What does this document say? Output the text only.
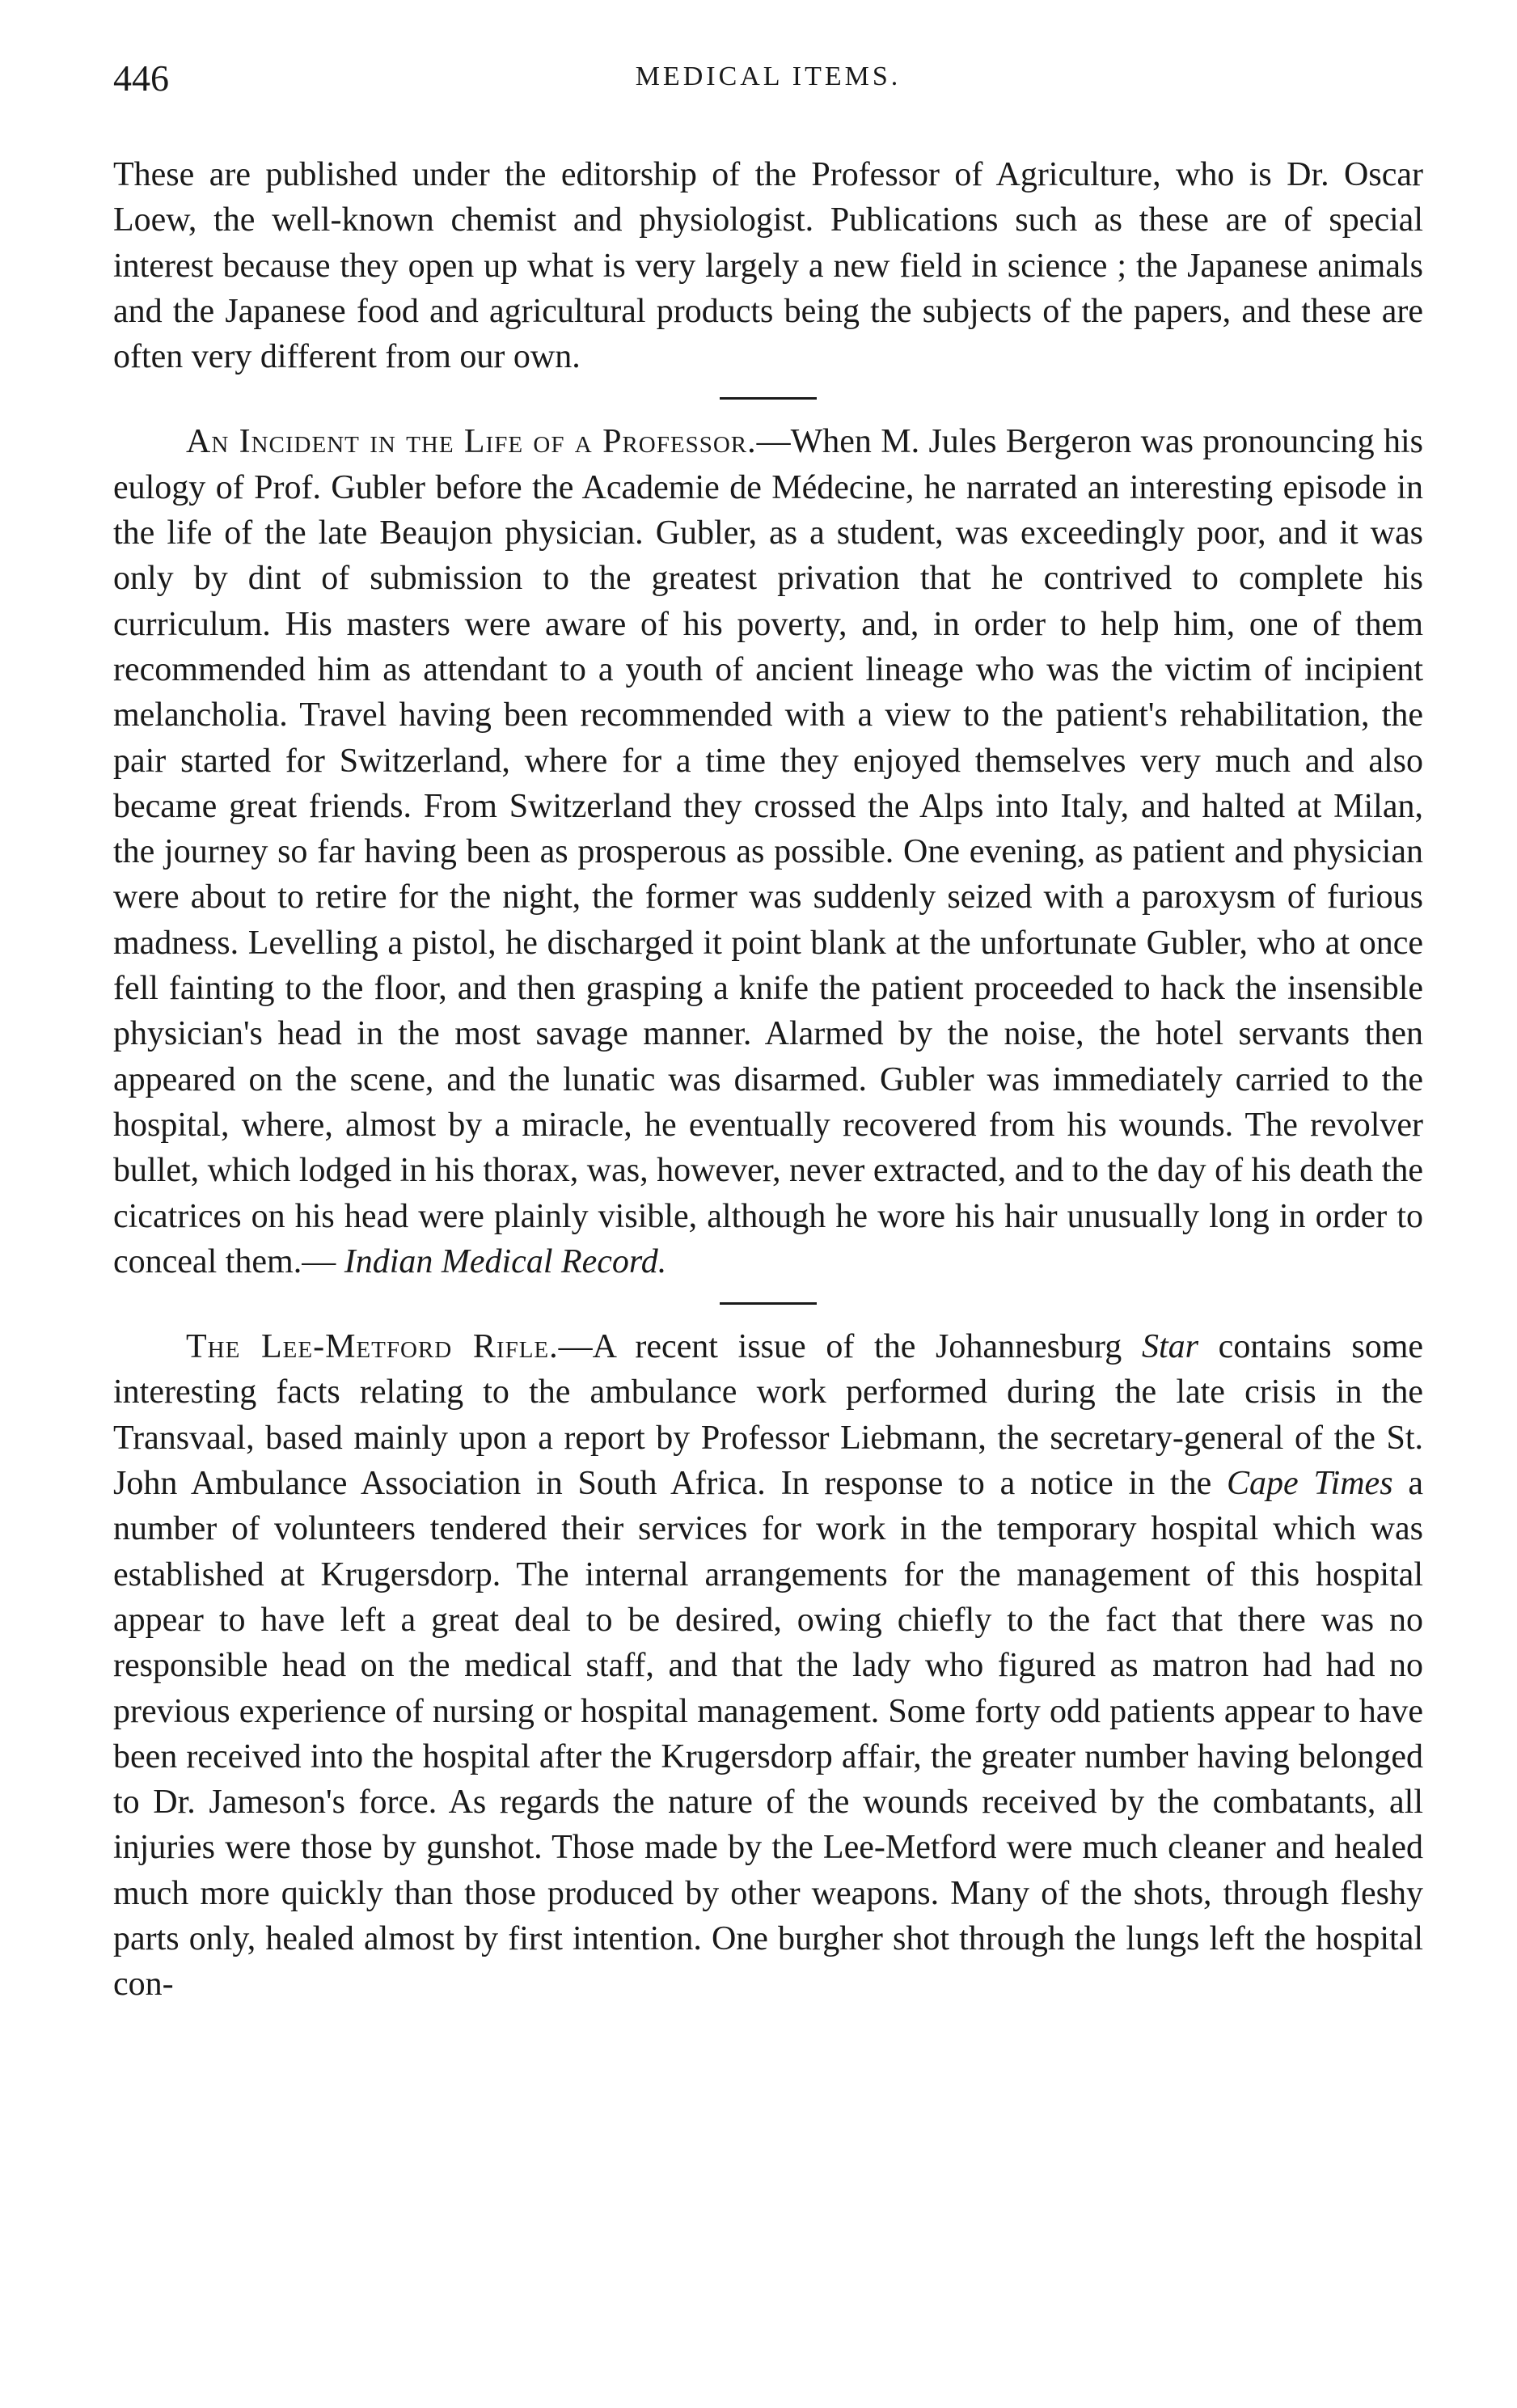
446	MEDICAL ITEMS.

These are published under the editorship of the Professor of Agriculture, who is Dr. Oscar Loew, the well-known chemist and physiologist. Publications such as these are of special interest because they open up what is very largely a new field in science ; the Japanese animals and the Japanese food and agricultural products being the subjects of the papers, and these are often very different from our own.

An Incident in the Life of a Professor.—When M. Jules Bergeron was pronouncing his eulogy of Prof. Gubler before the Academie de Médecine, he narrated an interesting episode in the life of the late Beaujon physician. Gubler, as a student, was exceedingly poor, and it was only by dint of submission to the greatest privation that he contrived to complete his curriculum. His masters were aware of his poverty, and, in order to help him, one of them recommended him as attendant to a youth of ancient lineage who was the victim of incipient melancholia. Travel having been recommended with a view to the patient's rehabilitation, the pair started for Switzerland, where for a time they enjoyed themselves very much and also became great friends. From Switzerland they crossed the Alps into Italy, and halted at Milan, the journey so far having been as prosperous as possible. One evening, as patient and physician were about to retire for the night, the former was suddenly seized with a paroxysm of furious madness. Levelling a pistol, he discharged it point blank at the unfortunate Gubler, who at once fell fainting to the floor, and then grasping a knife the patient proceeded to hack the insensible physician's head in the most savage manner. Alarmed by the noise, the hotel servants then appeared on the scene, and the lunatic was disarmed. Gubler was immediately carried to the hospital, where, almost by a miracle, he eventually recovered from his wounds. The revolver bullet, which lodged in his thorax, was, however, never extracted, and to the day of his death the cicatrices on his head were plainly visible, although he wore his hair unusually long in order to conceal them.— Indian Medical Record.

The Lee-Metford Rifle.—A recent issue of the Johannesburg Star contains some interesting facts relating to the ambulance work performed during the late crisis in the Transvaal, based mainly upon a report by Professor Liebmann, the secretary-general of the St. John Ambulance Association in South Africa. In response to a notice in the Cape Times a number of volunteers tendered their services for work in the temporary hospital which was established at Krugersdorp. The internal arrangements for the management of this hospital appear to have left a great deal to be desired, owing chiefly to the fact that there was no responsible head on the medical staff, and that the lady who figured as matron had had no previous experience of nursing or hospital management. Some forty odd patients appear to have been received into the hospital after the Krugersdorp affair, the greater number having belonged to Dr. Jameson's force. As regards the nature of the wounds received by the combatants, all injuries were those by gunshot. Those made by the Lee-Metford were much cleaner and healed much more quickly than those produced by other weapons. Many of the shots, through fleshy parts only, healed almost by first intention. One burgher shot through the lungs left the hospital con-
